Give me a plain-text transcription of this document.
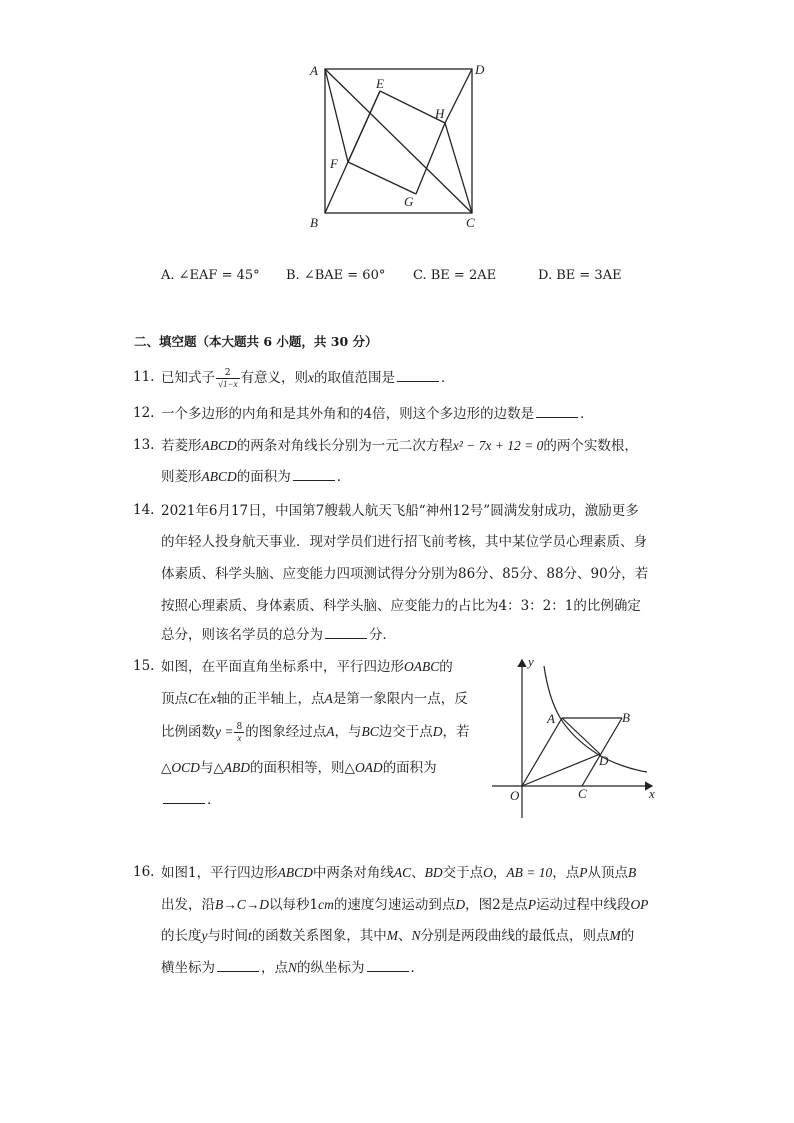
A	D
E
H
F
G
B	C
A. ∠EAF = 45° B. ∠BAE = 60° C. BE = 2AE	D. BE = 3AE
二、填空题（本大题共 6 小题，共 30 分）
11. 已知式子 $\frac{2}{√1-x}$ 有意义，则x的取值范围是	．
12. 一个多边形的内角和是其外角和的4倍，则这个多边形的边数是	．
13. 若菱形ABCD的两条对角线长分别为一元二次方程x² − 7x + 12 = 0的两个实数根，
则菱形ABCD的面积为	．
14. 2021年6月17日，中国第7艘载人航天飞船“神州12号”圆满发射成功，激励更多
的年轻人投身航天事业．现对学员们进行招飞前考核，其中某位学员心理素质、身
体素质、科学头脑、应变能力四项测试得分分别为86分、85分、88分、90分，若
按照心理素质、身体素质、科学头脑、应变能力的占比为4：3：2：1的比例确定
总分，则该名学员的总分为	分．
15. 如图，在平面直角坐标系中，平行四边形OABC的
顶点C在x轴的正半轴上，点A是第一象限内一点，反
比例函数$y = \frac{8}{x}$ 的图象经过点A，与BC边交于点D，若
△OCD与△ABD的面积相等，则△OAD的面积为
．
y
x
O
A	B
C
D
16. 如图1，平行四边形ABCD中两条对角线AC、BD交于点O，AB = 10，点P从顶点B
出发，沿B→C→D以每秒1cm的速度匀速运动到点D，图2是点P运动过程中线段OP
的长度y与时间t的函数关系图象，其中M、N分别是两段曲线的最低点，则点M的
横坐标为	，点N的纵坐标为	．
